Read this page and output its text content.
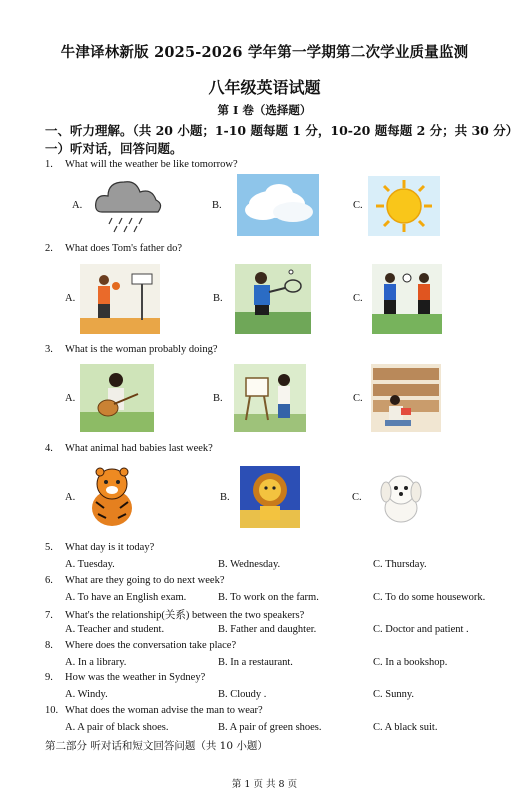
牛津译林新版 2025-2026 学年第一学期第二次学业质量监测
八年级英语试题
第 I 卷（选择题）
一、听力理解。（共 20 小题；1-10 题每题 1 分，10-20 题每题 2 分；共 30 分）
一）听对话，回答问题。
1. What will the weather be like tomorrow?
A.	B.	C.
2. What does Tom's father do?
A.	B.	C.
3. What is the woman probably doing?
A.	B.	C.
4. What animal had babies last week?
A.	B.	C.
5. What day is it today?
A. Tuesday.	B. Wednesday.	C. Thursday.
6. What are they going to do next week?
A. To have an English exam.	B. To work on the farm.	C. To do some housework.
7. What's the relationship(关系) between the two speakers?
A. Teacher and student.	B. Father and daughter.	C. Doctor and patient .
8. Where does the conversation take place?
A. In a library.	B. In a restaurant.	C. In a bookshop.
9. How was the weather in Sydney?
A. Windy.	B. Cloudy .	C. Sunny.
10. What does the woman advise the man to wear?
A. A pair of black shoes.	B. A pair of green shoes.	C. A black suit.
第二部分 听对话和短文回答问题（共 10 小题）
第 1 页 共 8 页
